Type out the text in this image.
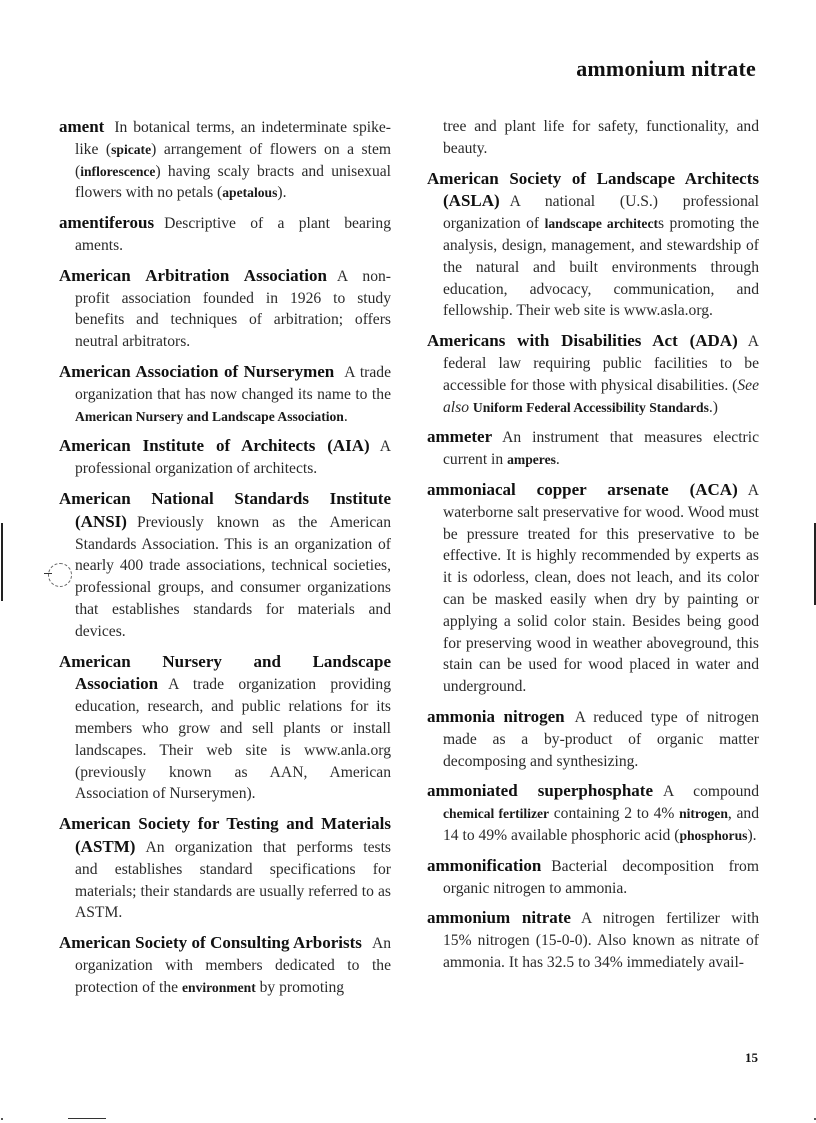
ammonium nitrate

ament In botanical terms, an indeterminate spike-like (spicate) arrangement of flowers on a stem (inflorescence) having scaly bracts and unisexual flowers with no petals (apetalous).

amentiferous Descriptive of a plant bearing aments.

American Arbitration Association A non-profit association founded in 1926 to study benefits and techniques of arbitration; offers neutral arbitrators.

American Association of Nurserymen A trade organization that has now changed its name to the American Nursery and Landscape Association.

American Institute of Architects (AIA) A professional organization of architects.

American National Standards Institute (ANSI) Previously known as the American Standards Association. This is an organization of nearly 400 trade associations, technical societies, professional groups, and consumer organizations that establishes standards for materials and devices.

American Nursery and Landscape Association A trade organization providing education, research, and public relations for its members who grow and sell plants or install landscapes. Their web site is www.anla.org (previously known as AAN, American Association of Nurserymen).

American Society for Testing and Materials (ASTM) An organization that performs tests and establishes standard specifications for materials; their standards are usually referred to as ASTM.

American Society of Consulting Arborists An organization with members dedicated to the protection of the environment by promoting

tree and plant life for safety, functionality, and beauty.

American Society of Landscape Architects (ASLA) A national (U.S.) professional organization of landscape architects promoting the analysis, design, management, and stewardship of the natural and built environments through education, advocacy, communication, and fellowship. Their web site is www.asla.org.

Americans with Disabilities Act (ADA) A federal law requiring public facilities to be accessible for those with physical disabilities. (See also Uniform Federal Accessibility Standards.)

ammeter An instrument that measures electric current in amperes.

ammoniacal copper arsenate (ACA) A waterborne salt preservative for wood. Wood must be pressure treated for this preservative to be effective. It is highly recommended by experts as it is odorless, clean, does not leach, and its color can be masked easily when dry by painting or applying a solid color stain. Besides being good for preserving wood in weather aboveground, this stain can be used for wood placed in water and underground.

ammonia nitrogen A reduced type of nitrogen made as a by-product of organic matter decomposing and synthesizing.

ammoniated superphosphate A compound chemical fertilizer containing 2 to 4% nitrogen, and 14 to 49% available phosphoric acid (phosphorus).

ammonification Bacterial decomposition from organic nitrogen to ammonia.

ammonium nitrate A nitrogen fertilizer with 15% nitrogen (15-0-0). Also known as nitrate of ammonia. It has 32.5 to 34% immediately avail-

15
